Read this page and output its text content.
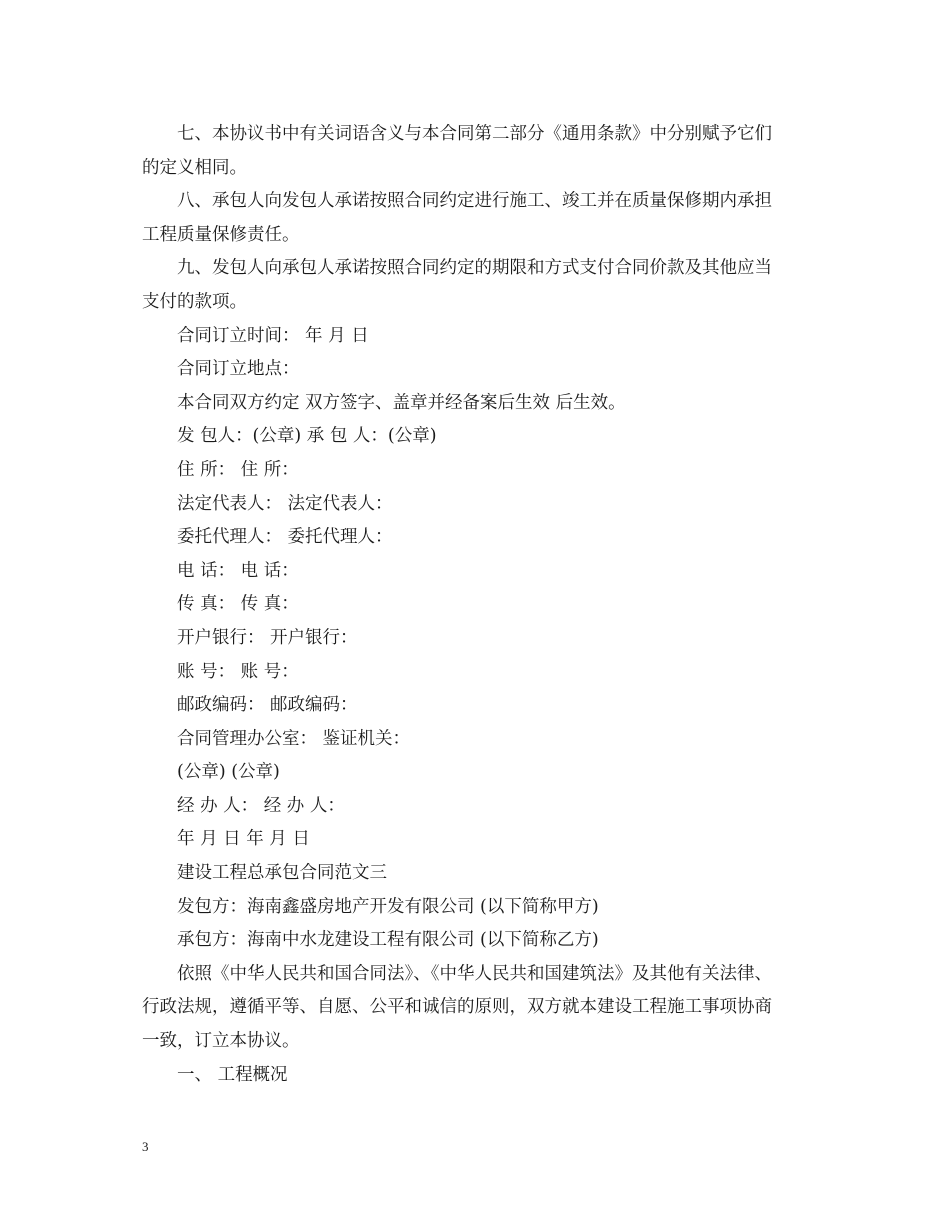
七、本协议书中有关词语含义与本合同第二部分《通用条款》中分别赋予它们
的定义相同。
八、承包人向发包人承诺按照合同约定进行施工、竣工并在质量保修期内承担
工程质量保修责任。
九、发包人向承包人承诺按照合同约定的期限和方式支付合同价款及其他应当
支付的款项。
合同订立时间： 年 月 日
合同订立地点：
本合同双方约定 双方签字、盖章并经备案后生效 后生效。
发 包人：(公章) 承 包 人：(公章)
住 所： 住 所：
法定代表人： 法定代表人：
委托代理人： 委托代理人：
电 话： 电 话：
传 真： 传 真：
开户银行： 开户银行：
账 号： 账 号：
邮政编码： 邮政编码：
合同管理办公室： 鉴证机关：
(公章) (公章)
经 办 人： 经 办 人：
年 月 日 年 月 日
建设工程总承包合同范文三
发包方：海南鑫盛房地产开发有限公司 (以下简称甲方)
承包方：海南中水龙建设工程有限公司 (以下简称乙方)
依照《中华人民共和国合同法》、《中华人民共和国建筑法》及其他有关法律、
行政法规，遵循平等、自愿、公平和诚信的原则，双方就本建设工程施工事项协商
一致，订立本协议。
一、 工程概况
3
